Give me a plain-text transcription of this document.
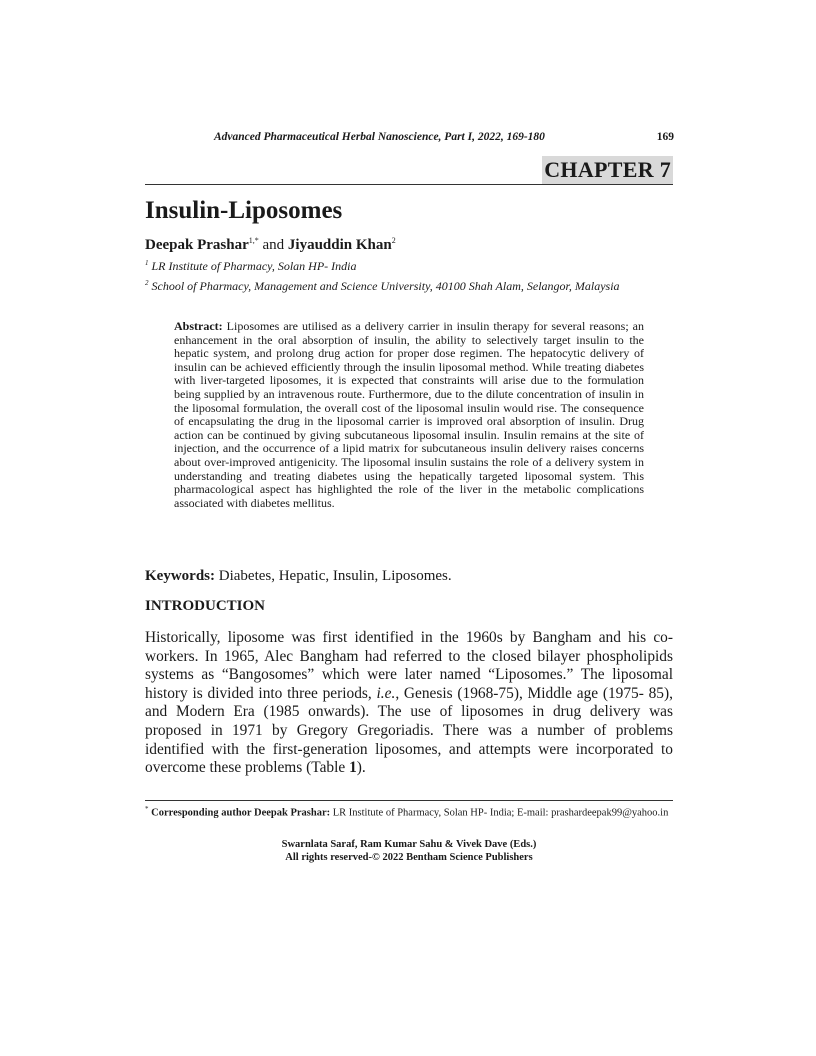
Advanced Pharmaceutical Herbal Nanoscience, Part I, 2022, 169-180	169
CHAPTER 7
Insulin-Liposomes
Deepak Prashar$^{1,*}$ and Jiyauddin Khan$^2$
$^1$ LR Institute of Pharmacy, Solan HP- India
$^2$ School of Pharmacy, Management and Science University, 40100 Shah Alam, Selangor, Malaysia

Abstract: Liposomes are utilised as a delivery carrier in insulin therapy for several reasons; an enhancement in the oral absorption of insulin, the ability to selectively target insulin to the hepatic system, and prolong drug action for proper dose regimen. The hepatocytic delivery of insulin can be achieved efficiently through the insulin liposomal method. While treating diabetes with liver-targeted liposomes, it is expected that constraints will arise due to the formulation being supplied by an intravenous route. Furthermore, due to the dilute concentration of insulin in the liposomal formulation, the overall cost of the liposomal insulin would rise. The consequence of encapsulating the drug in the liposomal carrier is improved oral absorption of insulin. Drug action can be continued by giving subcutaneous liposomal insulin. Insulin remains at the site of injection, and the occurrence of a lipid matrix for subcutaneous insulin delivery raises concerns about over-improved antigenicity. The liposomal insulin sustains the role of a delivery system in understanding and treating diabetes using the hepatically targeted liposomal system. This pharmacological aspect has highlighted the role of the liver in the metabolic complications associated with diabetes mellitus.

Keywords: Diabetes, Hepatic, Insulin, Liposomes.
INTRODUCTION

Historically, liposome was first identified in the 1960s by Bangham and his co-workers. In 1965, Alec Bangham had referred to the closed bilayer phospholipids systems as “Bangosomes” which were later named “Liposomes.” The liposomal history is divided into three periods, i.e., Genesis (1968-75), Middle age (1975- 85), and Modern Era (1985 onwards). The use of liposomes in drug delivery was proposed in 1971 by Gregory Gregoriadis. There was a number of problems identified with the first-generation liposomes, and attempts were incorporated to overcome these problems (Table 1).

* Corresponding author Deepak Prashar: LR Institute of Pharmacy, Solan HP- India; E-mail: prashardeepak99@yahoo.in

Swarnlata Saraf, Ram Kumar Sahu & Vivek Dave (Eds.)
All rights reserved-© 2022 Bentham Science Publishers
